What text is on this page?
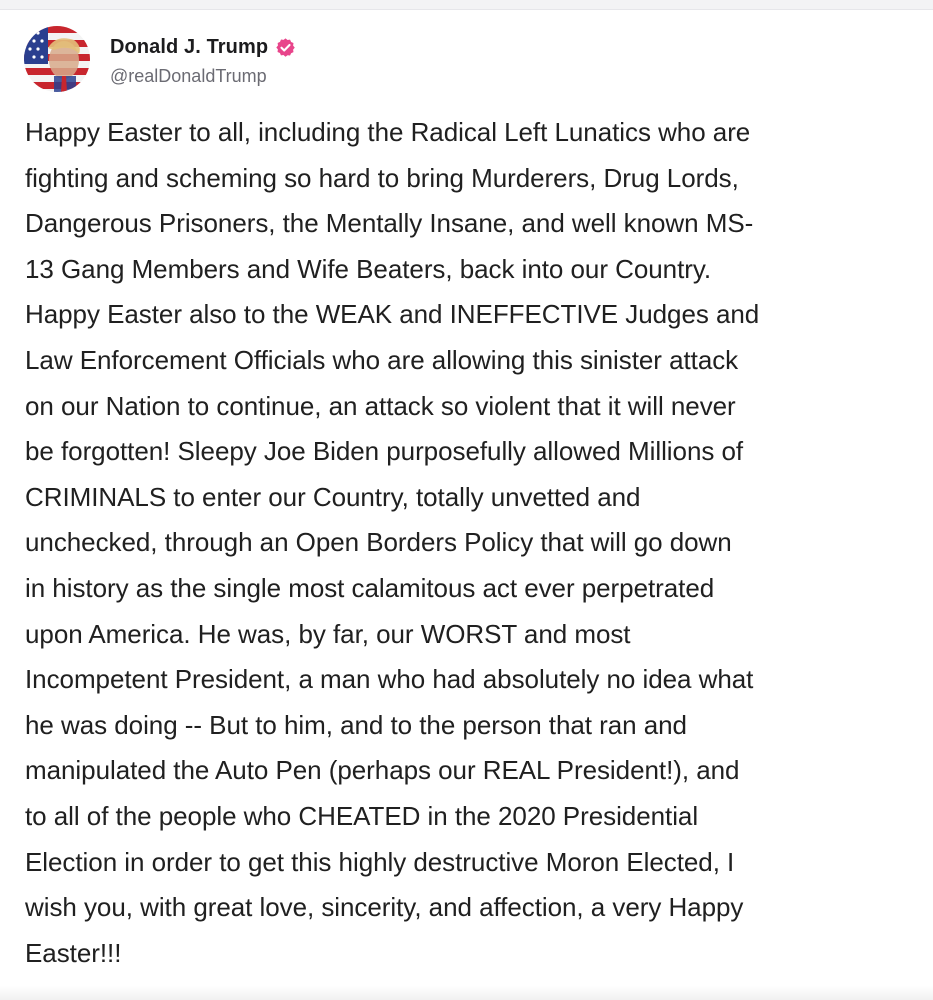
Donald J. Trump
@realDonaldTrump
Happy Easter to all, including the Radical Left Lunatics who are
fighting and scheming so hard to bring Murderers, Drug Lords,
Dangerous Prisoners, the Mentally Insane, and well known MS-
13 Gang Members and Wife Beaters, back into our Country.
Happy Easter also to the WEAK and INEFFECTIVE Judges and
Law Enforcement Officials who are allowing this sinister attack
on our Nation to continue, an attack so violent that it will never
be forgotten! Sleepy Joe Biden purposefully allowed Millions of
CRIMINALS to enter our Country, totally unvetted and
unchecked, through an Open Borders Policy that will go down
in history as the single most calamitous act ever perpetrated
upon America. He was, by far, our WORST and most
Incompetent President, a man who had absolutely no idea what
he was doing -- But to him, and to the person that ran and
manipulated the Auto Pen (perhaps our REAL President!), and
to all of the people who CHEATED in the 2020 Presidential
Election in order to get this highly destructive Moron Elected, I
wish you, with great love, sincerity, and affection, a very Happy
Easter!!!
